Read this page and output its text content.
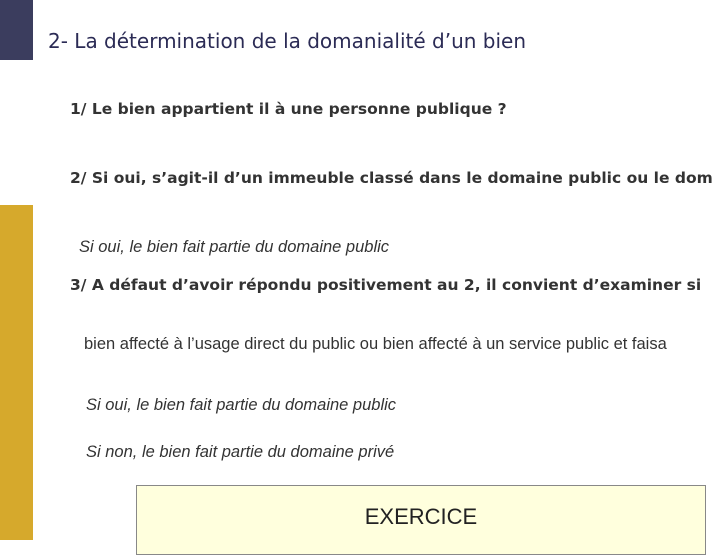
2- La détermination de la domanialité d’un bien
1/ Le bien appartient il à une personne publique ?
2/ Si oui, s’agit-il d’un immeuble classé dans le domaine public ou le dom
Si oui, le bien fait partie du domaine public
3/ A défaut d’avoir répondu positivement au 2, il convient d’examiner si
bien affecté à l’usage direct du public ou bien affecté à un service public et faisa
Si oui, le bien fait partie du domaine public
Si non, le bien fait partie du domaine privé
EXERCICE
